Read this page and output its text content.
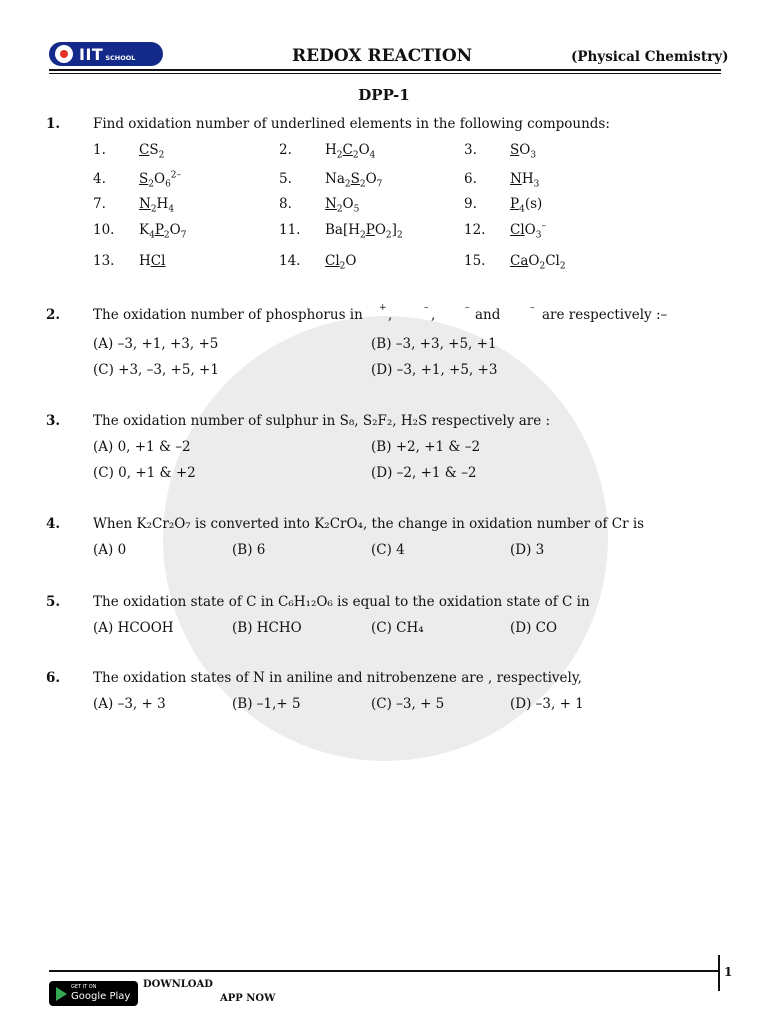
IIT SCHOOL	REDOX REACTION	(Physical Chemistry)
DPP-1
1. Find oxidation number of underlined elements in the following compounds:
1. $CS_2$	2. $H_2C_2O_4$	3. $SO_3$
4. $S_2O_6^{2-}$	5. $Na_2S_2O_7$	6. $NH_3$
7. $N_2H_4$	8. $N_2O_5$	9. $P_4(s)$
10. $K_4P_2O_7$	11. $Ba[H_2PO_2]_2$	12. ClO$_3$–
13. HCl	14. $Cl_2O$	15. $CaO_2Cl_2$
2. The oxidation number of phosphorus in + ,	– ,	– and	– are respectively :–
(A) –3, +1, +3, +5	(B) –3, +3, +5, +1
(C) +3, –3, +5, +1	(D) –3, +1, +5, +3
3. The oxidation number of sulphur in S₈, S₂F₂, H₂S respectively are :
(A) 0, +1 & –2	(B) +2, +1 & –2
(C) 0, +1 & +2	(D) –2, +1 & –2
4. When K₂Cr₂O₇ is converted into K₂CrO₄, the change in oxidation number of Cr is
(A) 0	(B) 6	(C) 4	(D) 3
5. The oxidation state of C in C₆H₁₂O₆ is equal to the oxidation state of C in
(A) HCOOH	(B) HCHO	(C) CH₄	(D) CO
6. The oxidation states of N in aniline and nitrobenzene are , respectively,
(A) –3, + 3	(B) –1,+ 5	(C) –3, + 5	(D) –3, + 1
GET IT ON
Google Play
DOWNLOAD
APP NOW
1
